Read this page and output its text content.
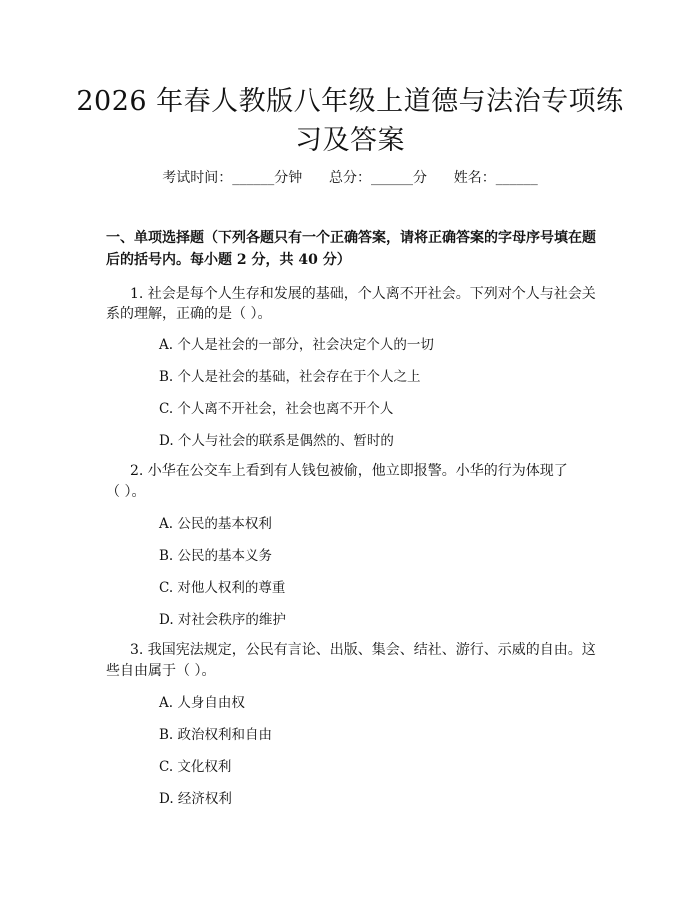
2026 年春人教版八年级上道德与法治专项练
习及答案
考试时间：______分钟      总分：______分      姓名：______
一、单项选择题（下列各题只有一个正确答案，请将正确答案的字母序号填在题
后的括号内。每小题 2 分，共 40 分）
1. 社会是每个人生存和发展的基础，个人离不开社会。下列对个人与社会关
系的理解，正确的是（ ）。
A. 个人是社会的一部分，社会决定个人的一切
B. 个人是社会的基础，社会存在于个人之上
C. 个人离不开社会，社会也离不开个人
D. 个人与社会的联系是偶然的、暂时的
2. 小华在公交车上看到有人钱包被偷，他立即报警。小华的行为体现了
（ ）。
A. 公民的基本权利
B. 公民的基本义务
C. 对他人权利的尊重
D. 对社会秩序的维护
3. 我国宪法规定，公民有言论、出版、集会、结社、游行、示威的自由。这
些自由属于（ ）。
A. 人身自由权
B. 政治权利和自由
C. 文化权利
D. 经济权利
